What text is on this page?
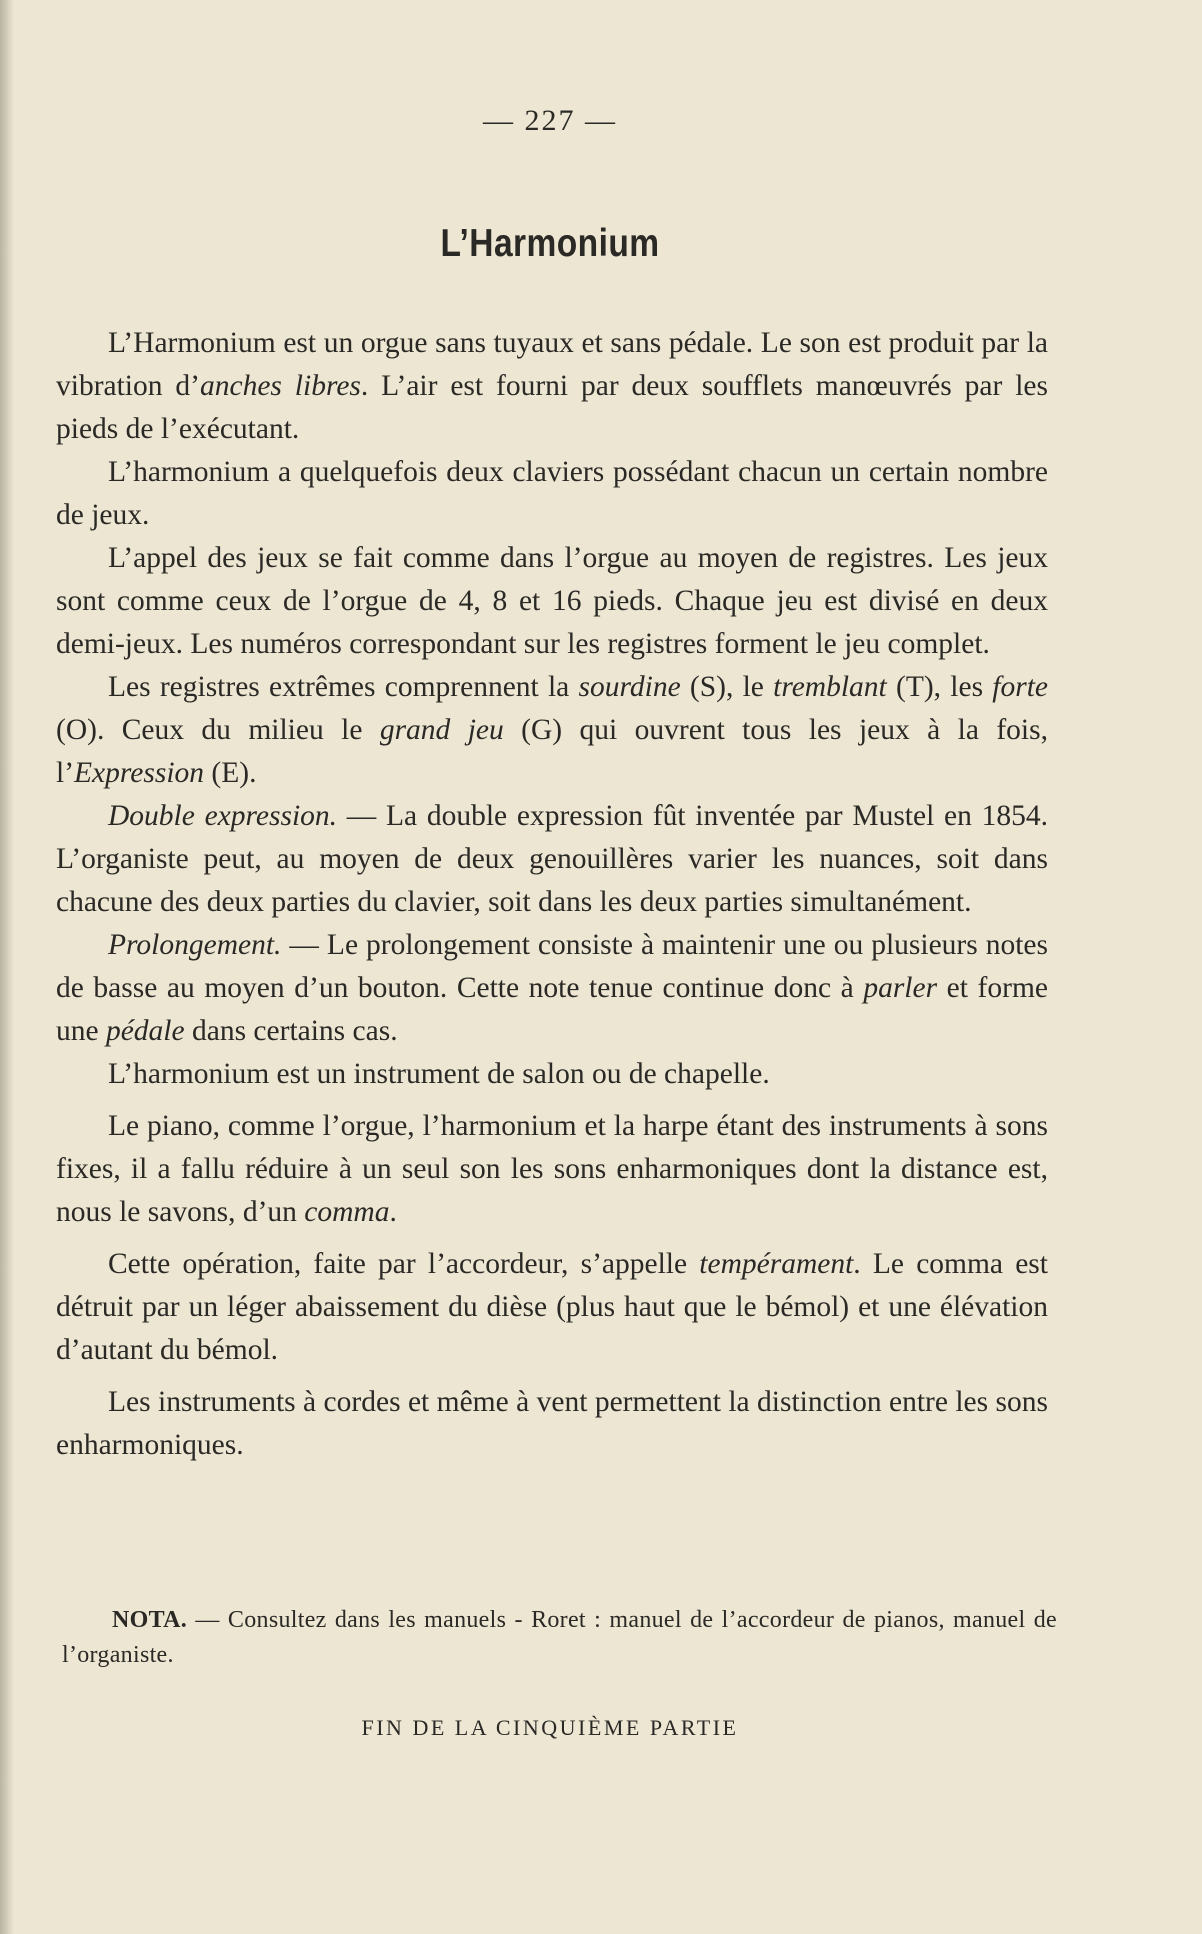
— 227 —
L’Harmonium

L’Harmonium est un orgue sans tuyaux et sans pédale. Le son est produit par la vibration d’anches libres. L’air est fourni par deux soufflets manœuvrés par les pieds de l’exécutant.

L’harmonium a quelquefois deux claviers possédant chacun un certain nombre de jeux.

L’appel des jeux se fait comme dans l’orgue au moyen de registres. Les jeux sont comme ceux de l’orgue de 4, 8 et 16 pieds. Chaque jeu est divisé en deux demi-jeux. Les numéros correspondant sur les registres forment le jeu complet.

Les registres extrêmes comprennent la sourdine (S), le tremblant (T), les forte (O). Ceux du milieu le grand jeu (G) qui ouvrent tous les jeux à la fois, l’Expression (E).

Double expression. — La double expression fût inventée par Mustel en 1854. L’organiste peut, au moyen de deux genouillères varier les nuances, soit dans chacune des deux parties du clavier, soit dans les deux parties simultanément.

Prolongement. — Le prolongement consiste à maintenir une ou plusieurs notes de basse au moyen d’un bouton. Cette note tenue continue donc à parler et forme une pédale dans certains cas.

L’harmonium est un instrument de salon ou de chapelle.

Le piano, comme l’orgue, l’harmonium et la harpe étant des instruments à sons fixes, il a fallu réduire à un seul son les sons enharmoniques dont la distance est, nous le savons, d’un comma.

Cette opération, faite par l’accordeur, s’appelle tempérament. Le comma est détruit par un léger abaissement du dièse (plus haut que le bémol) et une élévation d’autant du bémol.

Les instruments à cordes et même à vent permettent la distinction entre les sons enharmoniques.

NOTA. — Consultez dans les manuels - Roret : manuel de l’accordeur de pianos, manuel de l’organiste.
FIN DE LA CINQUIÈME PARTIE
